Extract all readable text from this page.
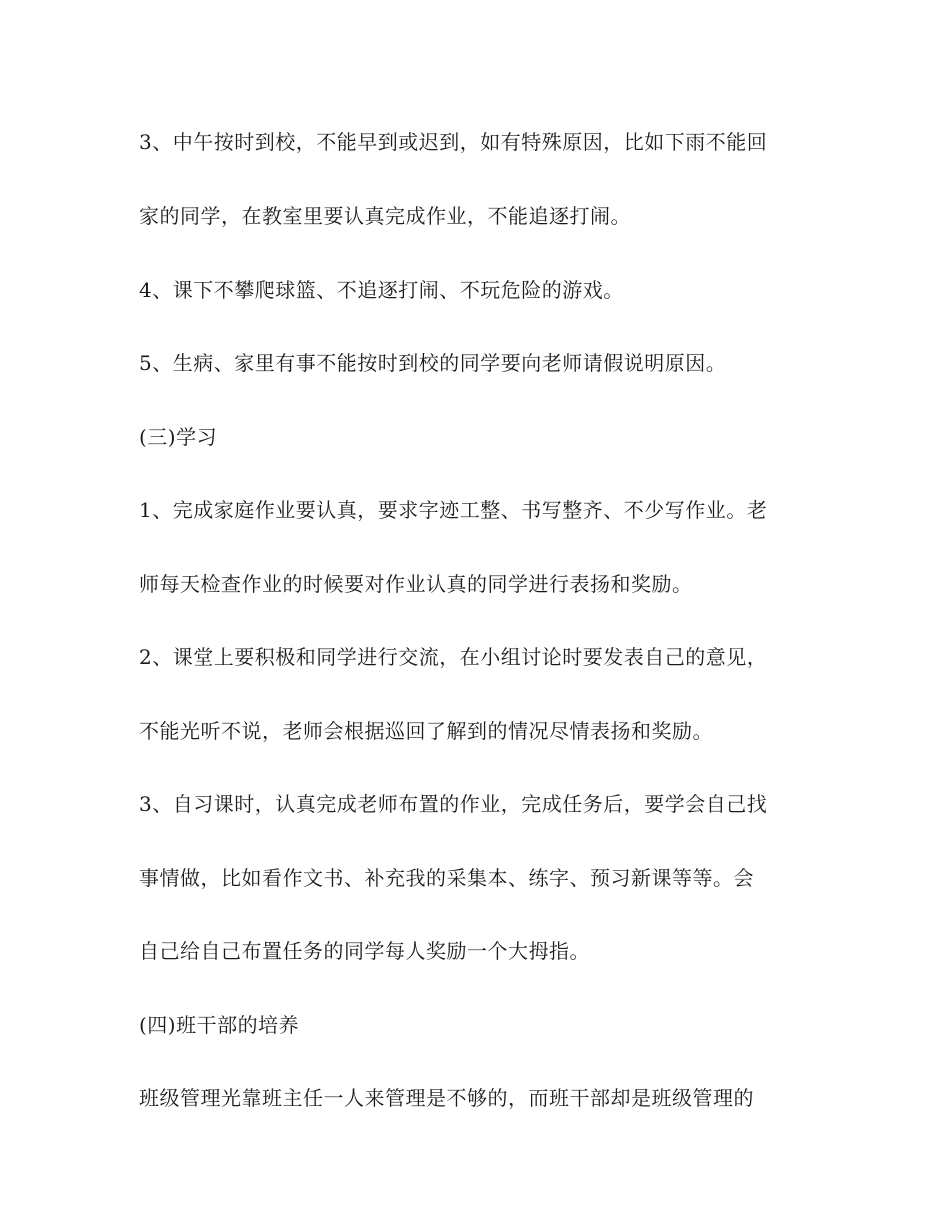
3、中午按时到校，不能早到或迟到，如有特殊原因，比如下雨不能回

家的同学，在教室里要认真完成作业，不能追逐打闹。

4、课下不攀爬球篮、不追逐打闹、不玩危险的游戏。

5、生病、家里有事不能按时到校的同学要向老师请假说明原因。

(三)学习

1、完成家庭作业要认真，要求字迹工整、书写整齐、不少写作业。老

师每天检查作业的时候要对作业认真的同学进行表扬和奖励。

2、课堂上要积极和同学进行交流，在小组讨论时要发表自己的意见，

不能光听不说，老师会根据巡回了解到的情况尽情表扬和奖励。

3、自习课时，认真完成老师布置的作业，完成任务后，要学会自己找

事情做，比如看作文书、补充我的采集本、练字、预习新课等等。会

自己给自己布置任务的同学每人奖励一个大拇指。

(四)班干部的培养

班级管理光靠班主任一人来管理是不够的，而班干部却是班级管理的
